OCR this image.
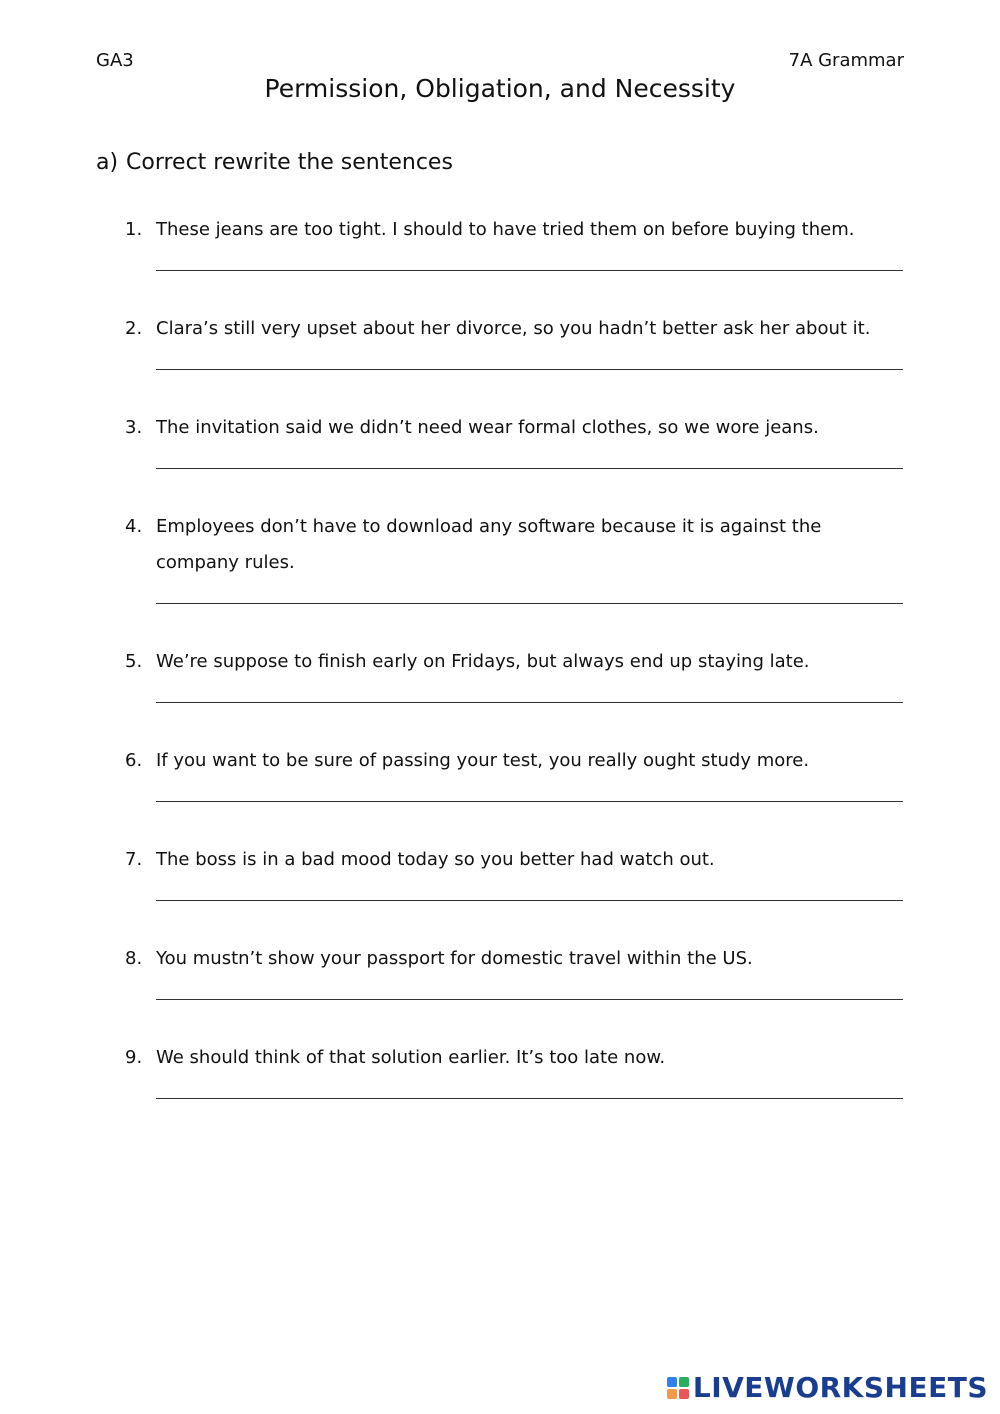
GA3	7A Grammar
Permission, Obligation, and Necessity
a) Correct rewrite the sentences
1. These jeans are too tight. I should to have tried them on before buying them.
2. Clara’s still very upset about her divorce, so you hadn’t better ask her about it.
3. The invitation said we didn’t need wear formal clothes, so we wore jeans.
4. Employees don’t have to download any software because it is against the company rules.
5. We’re suppose to finish early on Fridays, but always end up staying late.
6. If you want to be sure of passing your test, you really ought study more.
7. The boss is in a bad mood today so you better had watch out.
8. You mustn’t show your passport for domestic travel within the US.
9. We should think of that solution earlier. It’s too late now.
LIVEWORKSHEETS
